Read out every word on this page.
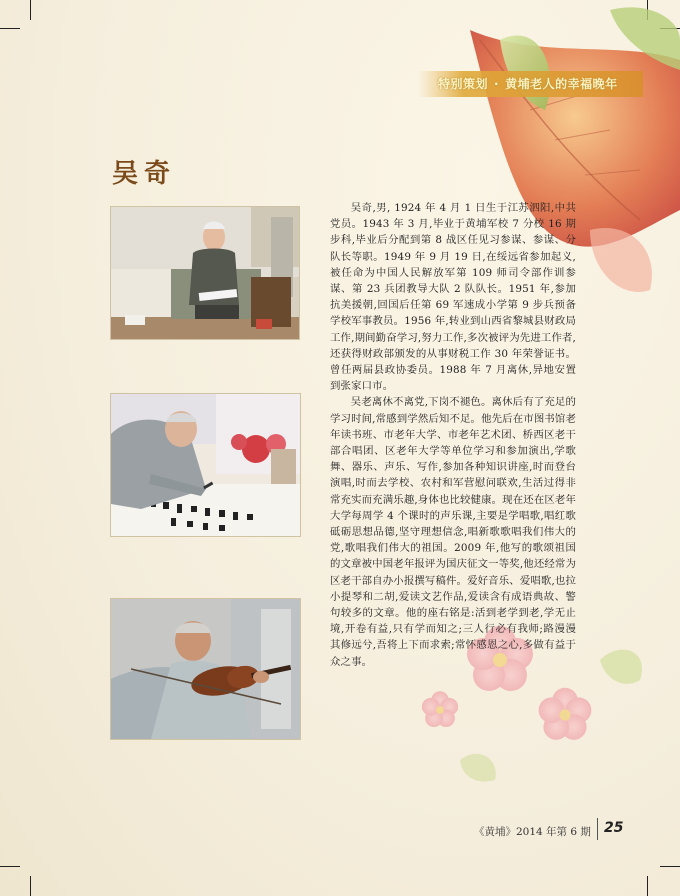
特别策划 · 黄埔老人的幸福晚年
吴奇

吴奇,男, 1924 年 4 月 1 日生于江苏泗阳,中共党员。1943 年 3 月,毕业于黄埔军校 7 分校 16 期步科,毕业后分配到第 8 战区任见习参谋、参谋、分队长等职。1949 年 9 月 19 日,在绥远省参加起义,被任命为中国人民解放军第 109 师司令部作训参谋、第 23 兵团教导大队 2 队队长。1951 年,参加抗美援朝,回国后任第 69 军速成小学第 9 步兵预备学校军事教员。1956 年,转业到山西省黎城县财政局工作,期间勤奋学习,努力工作,多次被评为先进工作者,还获得财政部颁发的从事财税工作 30 年荣誉证书。曾任两届县政协委员。1988 年 7 月离休,异地安置到张家口市。

吴老离休不离党,下岗不褪色。离休后有了充足的学习时间,常感到学然后知不足。他先后在市图书馆老年读书班、市老年大学、市老年艺术团、桥西区老干部合唱团、区老年大学等单位学习和参加演出,学歌舞、器乐、声乐、写作,参加各种知识讲座,时而登台演唱,时而去学校、农村和军营慰问联欢,生活过得非常充实而充满乐趣,身体也比较健康。现在还在区老年大学每周学 4 个课时的声乐课,主要是学唱歌,唱红歌砥砺思想品德,坚守理想信念,唱新歌歌唱我们伟大的党,歌唱我们伟大的祖国。2009 年,他写的歌颂祖国的文章被中国老年报评为国庆征文一等奖,他还经常为区老干部自办小报撰写稿件。爱好音乐、爱唱歌,也拉小提琴和二胡,爱读文艺作品,爱读含有成语典故、警句较多的文章。他的座右铭是:活到老学到老,学无止境,开卷有益,只有学而知之;三人行必有我师;路漫漫其修远兮,吾将上下而求索;常怀感恩之心,多做有益于众之事。

《黄埔》2014 年第 6 期 25
